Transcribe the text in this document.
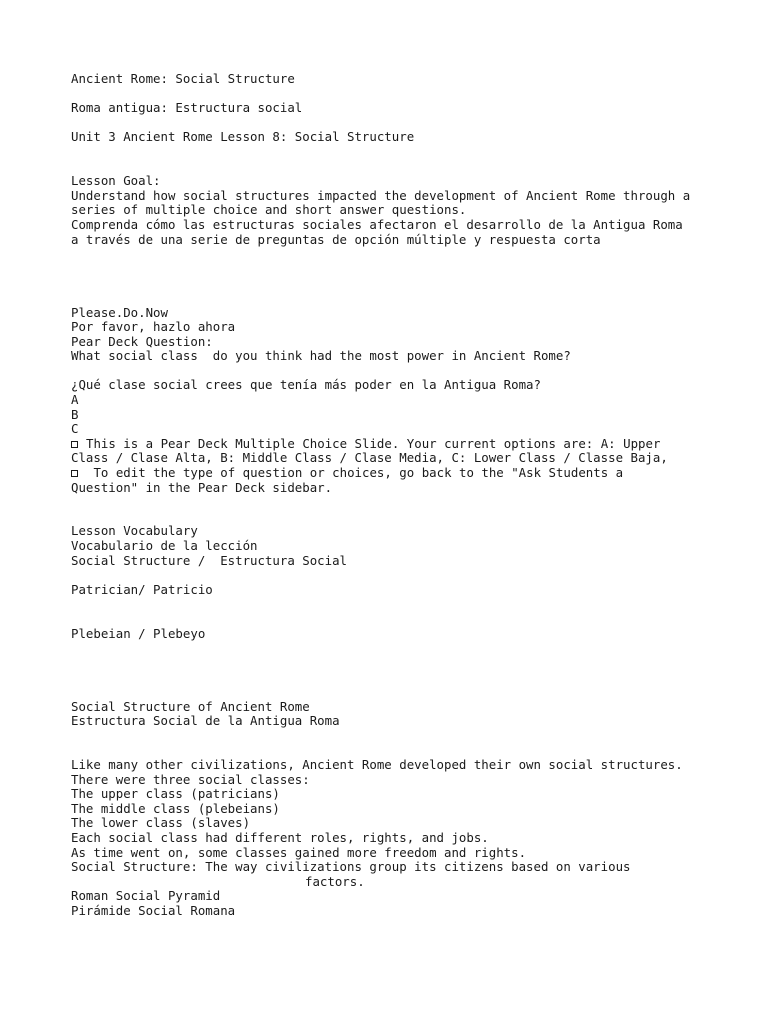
Ancient Rome: Social Structure
Roma antigua: Estructura social
Unit 3 Ancient Rome Lesson 8: Social Structure
Lesson Goal:
Understand how social structures impacted the development of Ancient Rome through a
series of multiple choice and short answer questions.
Comprenda cómo las estructuras sociales afectaron el desarrollo de la Antigua Roma
a través de una serie de preguntas de opción múltiple y respuesta corta
Please.Do.Now
Por favor, hazlo ahora
Pear Deck Question:
What social class  do you think had the most power in Ancient Rome?
¿Qué clase social crees que tenía más poder en la Antigua Roma?
A
B
C
This is a Pear Deck Multiple Choice Slide. Your current options are: A: Upper
Class / Clase Alta, B: Middle Class / Clase Media, C: Lower Class / Classe Baja,
To edit the type of question or choices, go back to the "Ask Students a
Question" in the Pear Deck sidebar.
Lesson Vocabulary
Vocabulario de la lección
Social Structure /  Estructura Social
Patrician/ Patricio
Plebeian / Plebeyo
Social Structure of Ancient Rome
Estructura Social de la Antigua Roma
Like many other civilizations, Ancient Rome developed their own social structures.
There were three social classes:
The upper class (patricians)
The middle class (plebeians)
The lower class (slaves)
Each social class had different roles, rights, and jobs.
As time went on, some classes gained more freedom and rights.
Social Structure: The way civilizations group its citizens based on various
factors.
Roman Social Pyramid
Pirámide Social Romana
